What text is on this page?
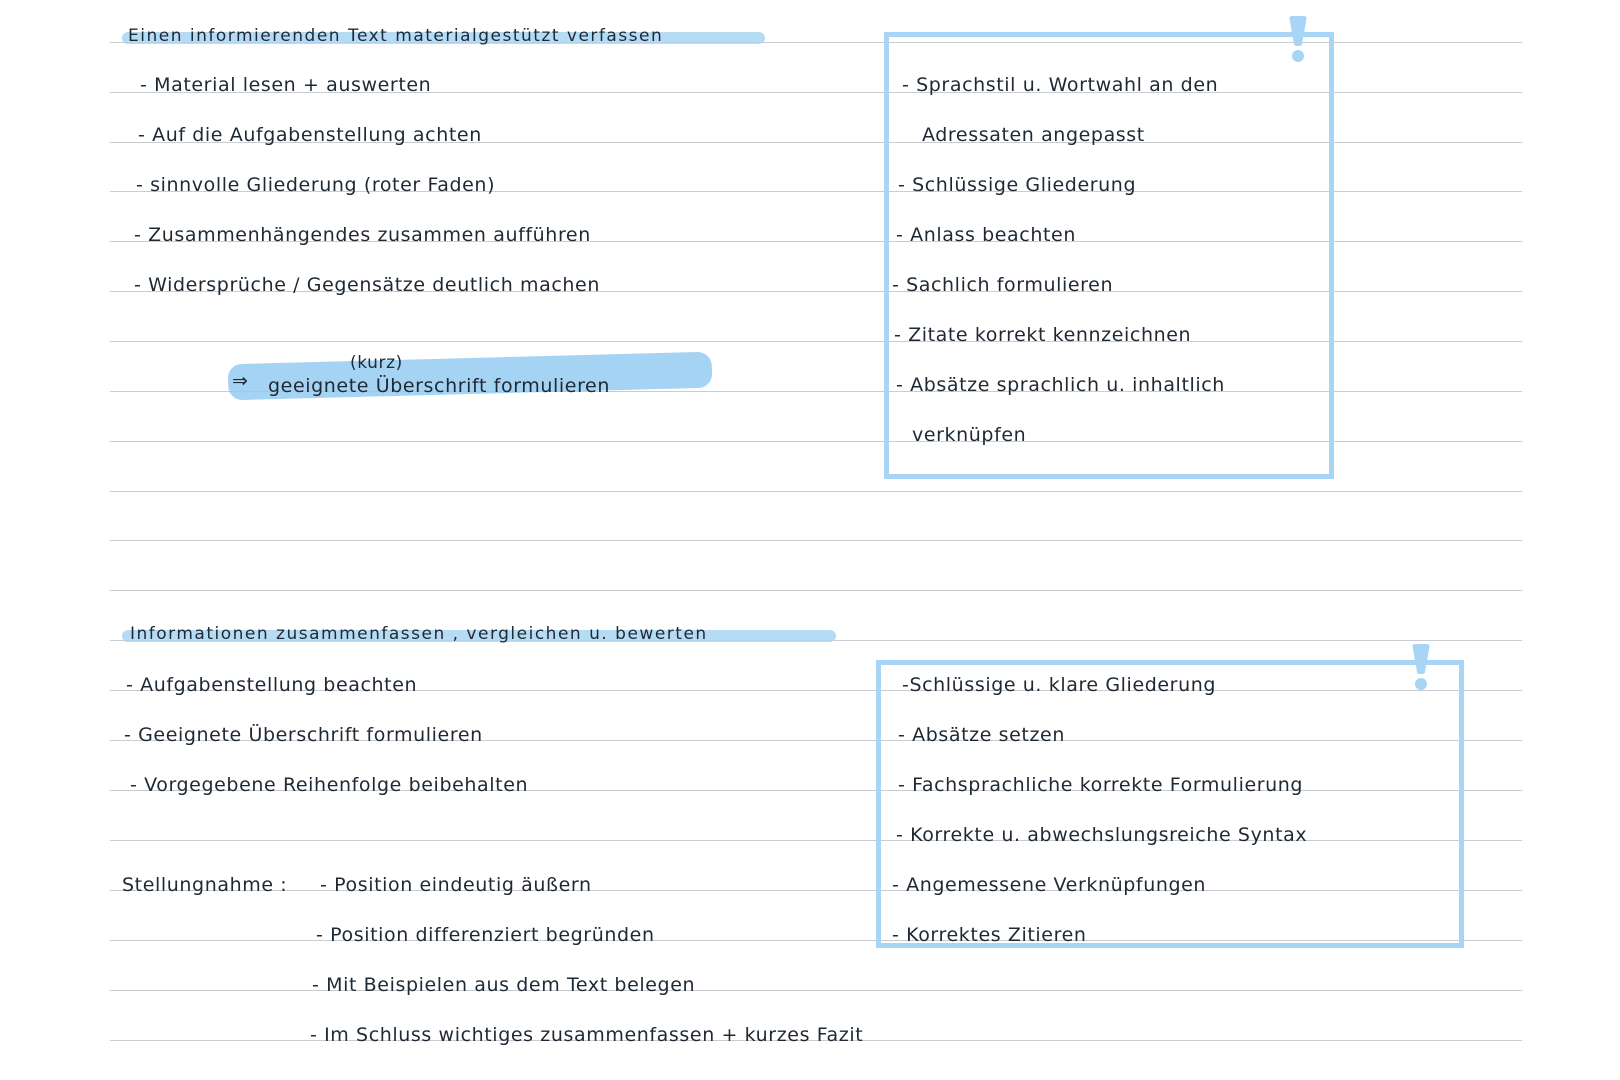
Einen informierenden Text materialgestützt verfassen
- Material lesen + auswerten
- Auf die Aufgabenstellung achten
- sinnvolle Gliederung (roter Faden)
- Zusammenhängendes zusammen aufführen
- Widersprüche / Gegensätze deutlich machen
(kurz)
⇒ geeignete Überschrift formulieren
- Sprachstil u. Wortwahl an den
Adressaten angepasst
- Schlüssige Gliederung
- Anlass beachten
- Sachlich formulieren
- Zitate korrekt kennzeichnen
- Absätze sprachlich u. inhaltlich
verknüpfen
Informationen zusammenfassen , vergleichen u. bewerten
- Aufgabenstellung beachten
- Geeignete Überschrift formulieren
- Vorgegebene Reihenfolge beibehalten
Stellungnahme : - Position eindeutig äußern
- Position differenziert begründen
- Mit Beispielen aus dem Text belegen
- Im Schluss wichtiges zusammenfassen + kurzes Fazit
-Schlüssige u. klare Gliederung
- Absätze setzen
- Fachsprachliche korrekte Formulierung
- Korrekte u. abwechslungsreiche Syntax
- Angemessene Verknüpfungen
- Korrektes Zitieren
